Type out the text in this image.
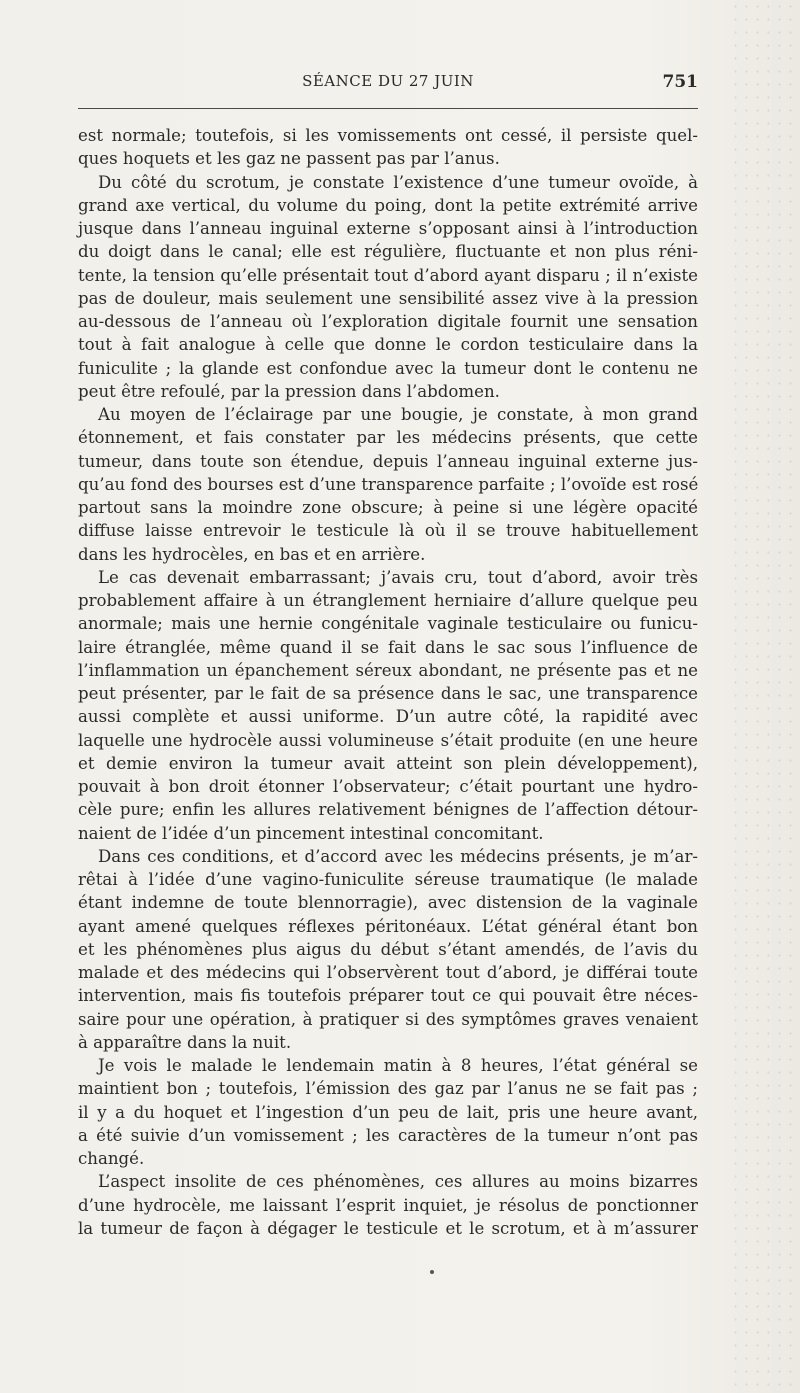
SÉANCE DU 27 JUIN	751
est normale; toutefois, si les vomissements ont cessé, il persiste quel-
ques hoquets et les gaz ne passent pas par l’anus.
Du côté du scrotum, je constate l’existence d’une tumeur ovoïde, à
grand axe vertical, du volume du poing, dont la petite extrémité arrive
jusque dans l’anneau inguinal externe s’opposant ainsi à l’introduction
du doigt dans le canal; elle est régulière, fluctuante et non plus réni-
tente, la tension qu’elle présentait tout d’abord ayant disparu ; il n’existe
pas de douleur, mais seulement une sensibilité assez vive à la pression
au-dessous de l’anneau où l’exploration digitale fournit une sensation
tout à fait analogue à celle que donne le cordon testiculaire dans la
funiculite ; la glande est confondue avec la tumeur dont le contenu ne
peut être refoulé, par la pression dans l’abdomen.
Au moyen de l’éclairage par une bougie, je constate, à mon grand
étonnement, et fais constater par les médecins présents, que cette
tumeur, dans toute son étendue, depuis l’anneau inguinal externe jus-
qu’au fond des bourses est d’une transparence parfaite ; l’ovoïde est rosé
partout sans la moindre zone obscure; à peine si une légère opacité
diffuse laisse entrevoir le testicule là où il se trouve habituellement
dans les hydrocèles, en bas et en arrière.
Le cas devenait embarrassant; j’avais cru, tout d’abord, avoir très
probablement affaire à un étranglement herniaire d’allure quelque peu
anormale; mais une hernie congénitale vaginale testiculaire ou funicu-
laire étranglée, même quand il se fait dans le sac sous l’influence de
l’inflammation un épanchement séreux abondant, ne présente pas et ne
peut présenter, par le fait de sa présence dans le sac, une transparence
aussi complète et aussi uniforme. D’un autre côté, la rapidité avec
laquelle une hydrocèle aussi volumineuse s’était produite (en une heure
et demie environ la tumeur avait atteint son plein développement),
pouvait à bon droit étonner l’observateur; c’était pourtant une hydro-
cèle pure; enfin les allures relativement bénignes de l’affection détour-
naient de l’idée d’un pincement intestinal concomitant.
Dans ces conditions, et d’accord avec les médecins présents, je m’ar-
rêtai à l’idée d’une vagino-funiculite séreuse traumatique (le malade
étant indemne de toute blennorragie), avec distension de la vaginale
ayant amené quelques réflexes péritonéaux. L’état général étant bon
et les phénomènes plus aigus du début s’étant amendés, de l’avis du
malade et des médecins qui l’observèrent tout d’abord, je différai toute
intervention, mais fis toutefois préparer tout ce qui pouvait être néces-
saire pour une opération, à pratiquer si des symptômes graves venaient
à apparaître dans la nuit.
Je vois le malade le lendemain matin à 8 heures, l’état général se
maintient bon ; toutefois, l’émission des gaz par l’anus ne se fait pas ;
il y a du hoquet et l’ingestion d’un peu de lait, pris une heure avant,
a été suivie d’un vomissement ; les caractères de la tumeur n’ont pas
changé.
L’aspect insolite de ces phénomènes, ces allures au moins bizarres
d’une hydrocèle, me laissant l’esprit inquiet, je résolus de ponctionner
la tumeur de façon à dégager le testicule et le scrotum, et à m’assurer
